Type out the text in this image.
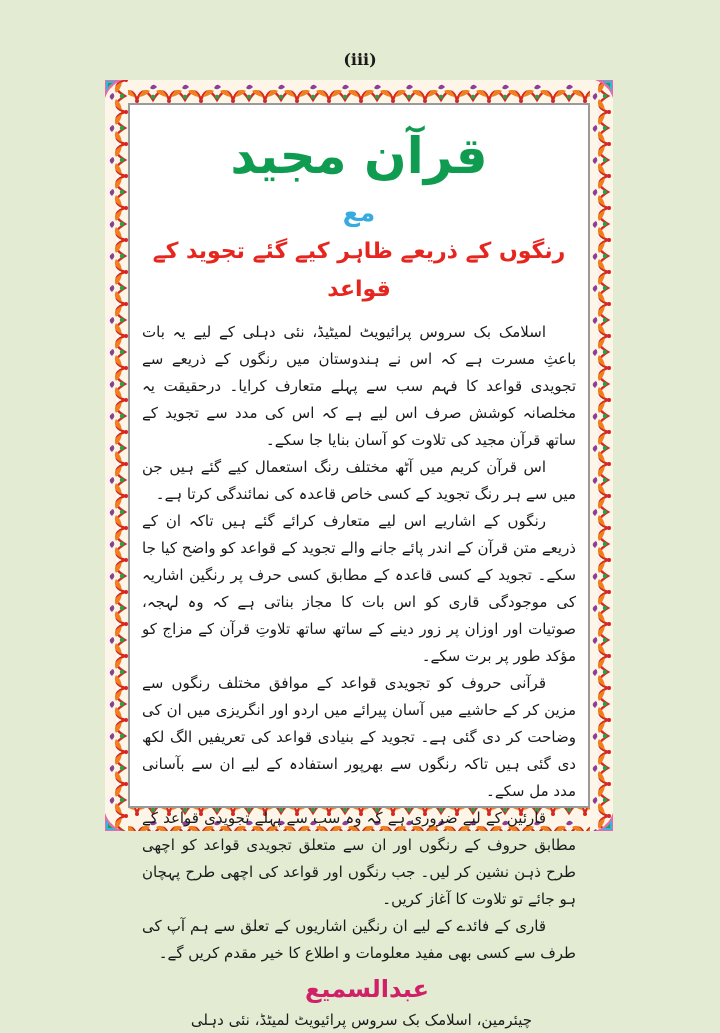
(iii)
قرآن مجید
مع
رنگوں کے ذریعے ظاہر کیے گئے تجوید کے قواعد

اسلامک بک سروس پرائیویٹ لمیٹیڈ، نئی دہلی کے لیے یہ بات باعثِ مسرت ہے کہ اس نے ہندوستان میں رنگوں کے ذریعے سے تجویدی قواعد کا فہم سب سے پہلے متعارف کرایا۔ درحقیقت یہ مخلصانہ کوشش صرف اس لیے ہے کہ اس کی مدد سے تجوید کے ساتھ قرآن مجید کی تلاوت کو آسان بنایا جا سکے۔

اس قرآن کریم میں آٹھ مختلف رنگ استعمال کیے گئے ہیں جن میں سے ہر رنگ تجوید کے کسی خاص قاعدہ کی نمائندگی کرتا ہے۔

رنگوں کے اشاریے اس لیے متعارف کرائے گئے ہیں تاکہ ان کے ذریعے متن قرآن کے اندر پائے جانے والے تجوید کے قواعد کو واضح کیا جا سکے۔ تجوید کے کسی قاعدہ کے مطابق کسی حرف پر رنگین اشاریہ کی موجودگی قاری کو اس بات کا مجاز بناتی ہے کہ وہ لہجہ، صوتیات اور اوزان پر زور دینے کے ساتھ ساتھ تلاوتِ قرآن کے مزاج کو مؤکد طور پر برت سکے۔

قرآنی حروف کو تجویدی قواعد کے موافق مختلف رنگوں سے مزین کر کے حاشیے میں آسان پیرائے میں اردو اور انگریزی میں ان کی وضاحت کر دی گئی ہے۔ تجوید کے بنیادی قواعد کی تعریفیں الگ لکھ دی گئی ہیں تاکہ رنگوں سے بھرپور استفادہ کے لیے ان سے بآسانی مدد مل سکے۔

قارئین کے لیے ضروری ہے کہ وہ سب سے پہلے تجویدی قواعد کے مطابق حروف کے رنگوں اور ان سے متعلق تجویدی قواعد کو اچھی طرح ذہن نشین کر لیں۔ جب رنگوں اور قواعد کی اچھی طرح پہچان ہو جائے تو تلاوت کا آغاز کریں۔

قاری کے فائدے کے لیے ان رنگین اشاریوں کے تعلق سے ہم آپ کی طرف سے کسی بھی مفید معلومات و اطلاع کا خیر مقدم کریں گے۔

عبدالسمیع
چیئرمین، اسلامک بک سروس پرائیویٹ لمیٹڈ، نئی دہلی
